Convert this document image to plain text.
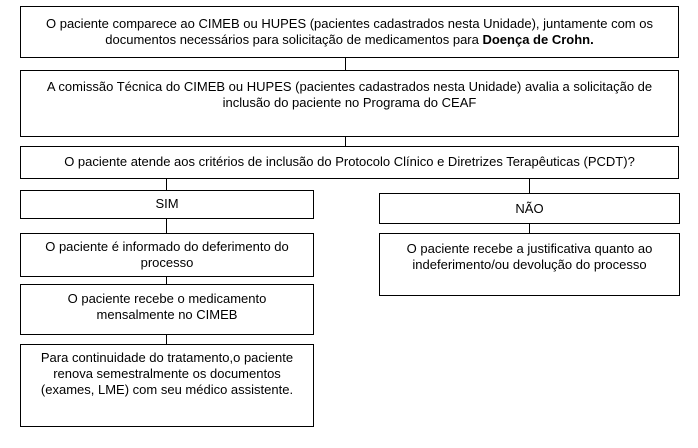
O paciente comparece ao CIMEB ou HUPES (pacientes cadastrados nesta Unidade), juntamente com os
documentos necessários para solicitação de medicamentos para Doença de Crohn.
A comissão Técnica do CIMEB ou HUPES (pacientes cadastrados nesta Unidade) avalia a solicitação de
inclusão do paciente no Programa do CEAF
O paciente atende aos critérios de inclusão do Protocolo Clínico e Diretrizes Terapêuticas (PCDT)?
SIM	NÃO
O paciente é informado do deferimento do
processo
O paciente recebe a justificativa quanto ao
indeferimento/ou devolução do processo
O paciente recebe o medicamento
mensalmente no CIMEB
Para continuidade do tratamento,o paciente
renova semestralmente os documentos
(exames, LME) com seu médico assistente.
